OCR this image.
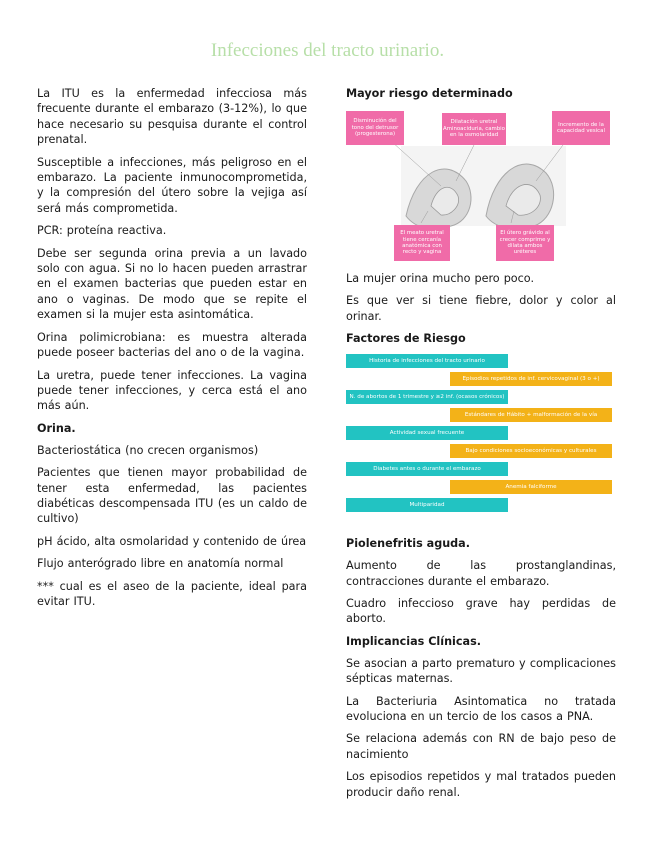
Infecciones del tracto urinario.

La ITU es la enfermedad infecciosa más frecuente durante el embarazo (3-12%), lo que hace necesario su pesquisa durante el control prenatal.

Susceptible a infecciones, más peligroso en el embarazo. La paciente inmunocomprometida, y la compresión del útero sobre la vejiga así será más comprometida.

PCR: proteína reactiva.

Debe ser segunda orina previa a un lavado solo con agua. Si no lo hacen pueden arrastrar en el examen bacterias que pueden estar en ano o vaginas. De modo que se repite el examen si la mujer esta asintomática.

Orina polimicrobiana: es muestra alterada puede poseer bacterias del ano o de la vagina.

La uretra, puede tener infecciones. La vagina puede tener infecciones, y cerca está el ano más aún.

Orina.

Bacteriostática (no crecen organismos)

Pacientes que tienen mayor probabilidad de tener esta enfermedad, las pacientes diabéticas descompensada ITU (es un caldo de cultivo)

pH ácido, alta osmolaridad y contenido de úrea

Flujo anterógrado libre en anatomía normal

*** cual es el aseo de la paciente, ideal para evitar ITU.

Mayor riesgo determinado

Disminución del tono del detrusor (progesterona)
Dilatación uretral Aminoaciduria, cambio en la osmolaridad
Incremento de la capacidad vesical
El meato uretral tiene cercanía anatómica con recto y vagina
El útero grávido al crecer comprime y dilata ambos uréteres

La mujer orina mucho pero poco.

Es que ver si tiene fiebre, dolor y color al orinar.

Factores de Riesgo

Historia de infecciones del tracto urinario
Episodios repetidos de inf. cervicovaginal (3 o +)
N. de abortos de 1 trimestre y ≥2 inf. (ocasos crónicos)
Estándares de Hábito + malformación de la vía
Actividad sexual frecuente
Bajo condiciones socioeconómicas y culturales
Diabetes antes o durante el embarazo
Anemia falciforme
Multiparidad

Piolenefritis aguda.

Aumento de las prostanglandinas, contracciones durante el embarazo.

Cuadro infeccioso grave hay perdidas de aborto.

Implicancias Clínicas.

Se asocian a parto prematuro y complicaciones sépticas maternas.

La Bacteriuria Asintomatica no tratada evoluciona en un tercio de los casos a PNA.

Se relaciona además con RN de bajo peso de nacimiento

Los episodios repetidos y mal tratados pueden producir daño renal.
